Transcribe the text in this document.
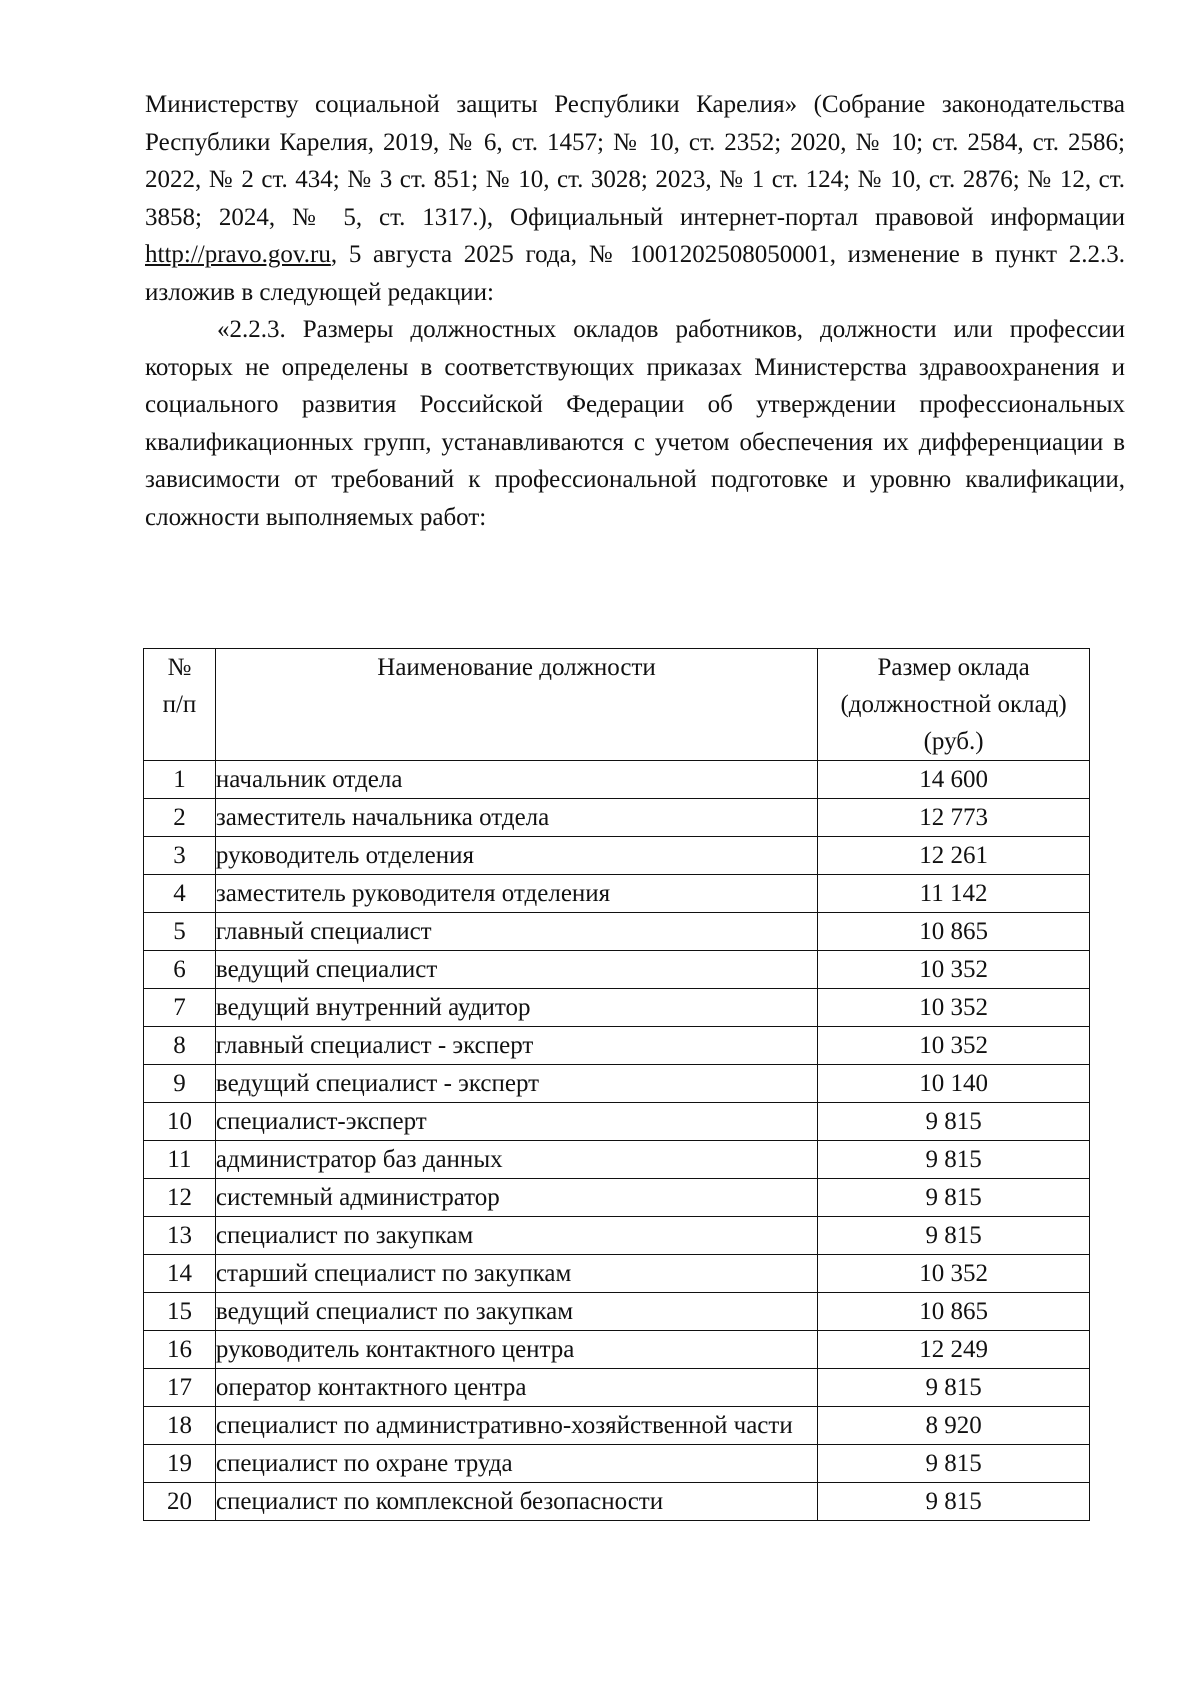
Министерству социальной защиты Республики Карелия» (Собрание законодательства Республики Карелия, 2019, № 6, ст. 1457; № 10, ст. 2352; 2020, № 10; ст. 2584, ст. 2586; 2022, № 2 ст. 434; № 3 ст. 851; № 10, ст. 3028; 2023, № 1 ст. 124; № 10, ст. 2876; № 12, ст. 3858; 2024, № 5, ст. 1317.), Официальный интернет-портал правовой информации http://pravo.gov.ru, 5 августа 2025 года, № 1001202508050001, изменение в пункт 2.2.3. изложив в следующей редакции:

«2.2.3. Размеры должностных окладов работников, должности или профессии которых не определены в соответствующих приказах Министерства здравоохранения и социального развития Российской Федерации об утверждении профессиональных квалификационных групп, устанавливаются с учетом обеспечения их дифференциации в зависимости от требований к профессиональной подготовке и уровню квалификации, сложности выполняемых работ:

№
п/п	Наименование должности	Размер оклада
(должностной оклад)
(руб.)

1	начальник отдела	14 600
2	заместитель начальника отдела	12 773
3	руководитель отделения	12 261
4	заместитель руководителя отделения	11 142
5	главный специалист	10 865
6	ведущий специалист	10 352
7	ведущий внутренний аудитор	10 352
8	главный специалист - эксперт	10 352
9	ведущий специалист - эксперт	10 140
10	специалист-эксперт	9 815
11	администратор баз данных	9 815
12	системный администратор	9 815
13	специалист по закупкам	9 815
14	старший специалист по закупкам	10 352
15	ведущий специалист по закупкам	10 865
16	руководитель контактного центра	12 249
17	оператор контактного центра	9 815
18	специалист по административно-хозяйственной части	8 920
19	специалист по охране труда	9 815
20	специалист по комплексной безопасности	9 815
